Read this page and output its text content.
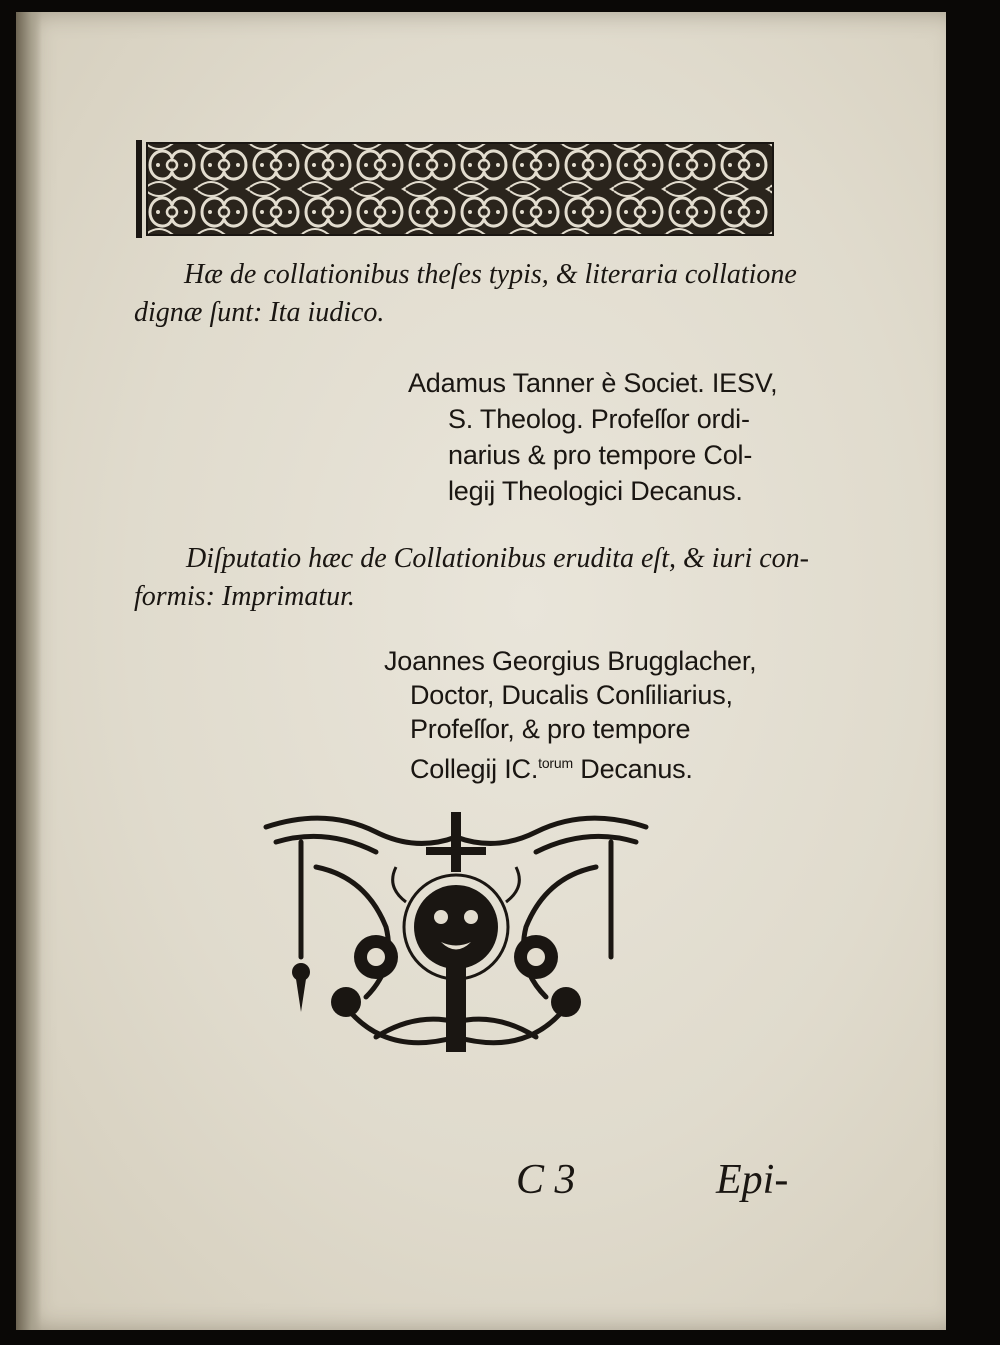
Hæ de collationibus theſes typis, & literaria collatione

dignæ ſunt: Ita iudico.

Adamus Tanner è Societ. IESV,

S. Theolog. Profeſſor ordi-

narius & pro tempore Col-

legij Theologici Decanus.

Diſputatio hæc de Collationibus erudita eſt, & iuri con-

formis: Imprimatur.

Joannes Georgius Brugglacher,

Doctor, Ducalis Conſiliarius,

Profeſſor, & pro tempore

Collegij IC.$^{torum}$ Decanus.

C 3	Epi-
